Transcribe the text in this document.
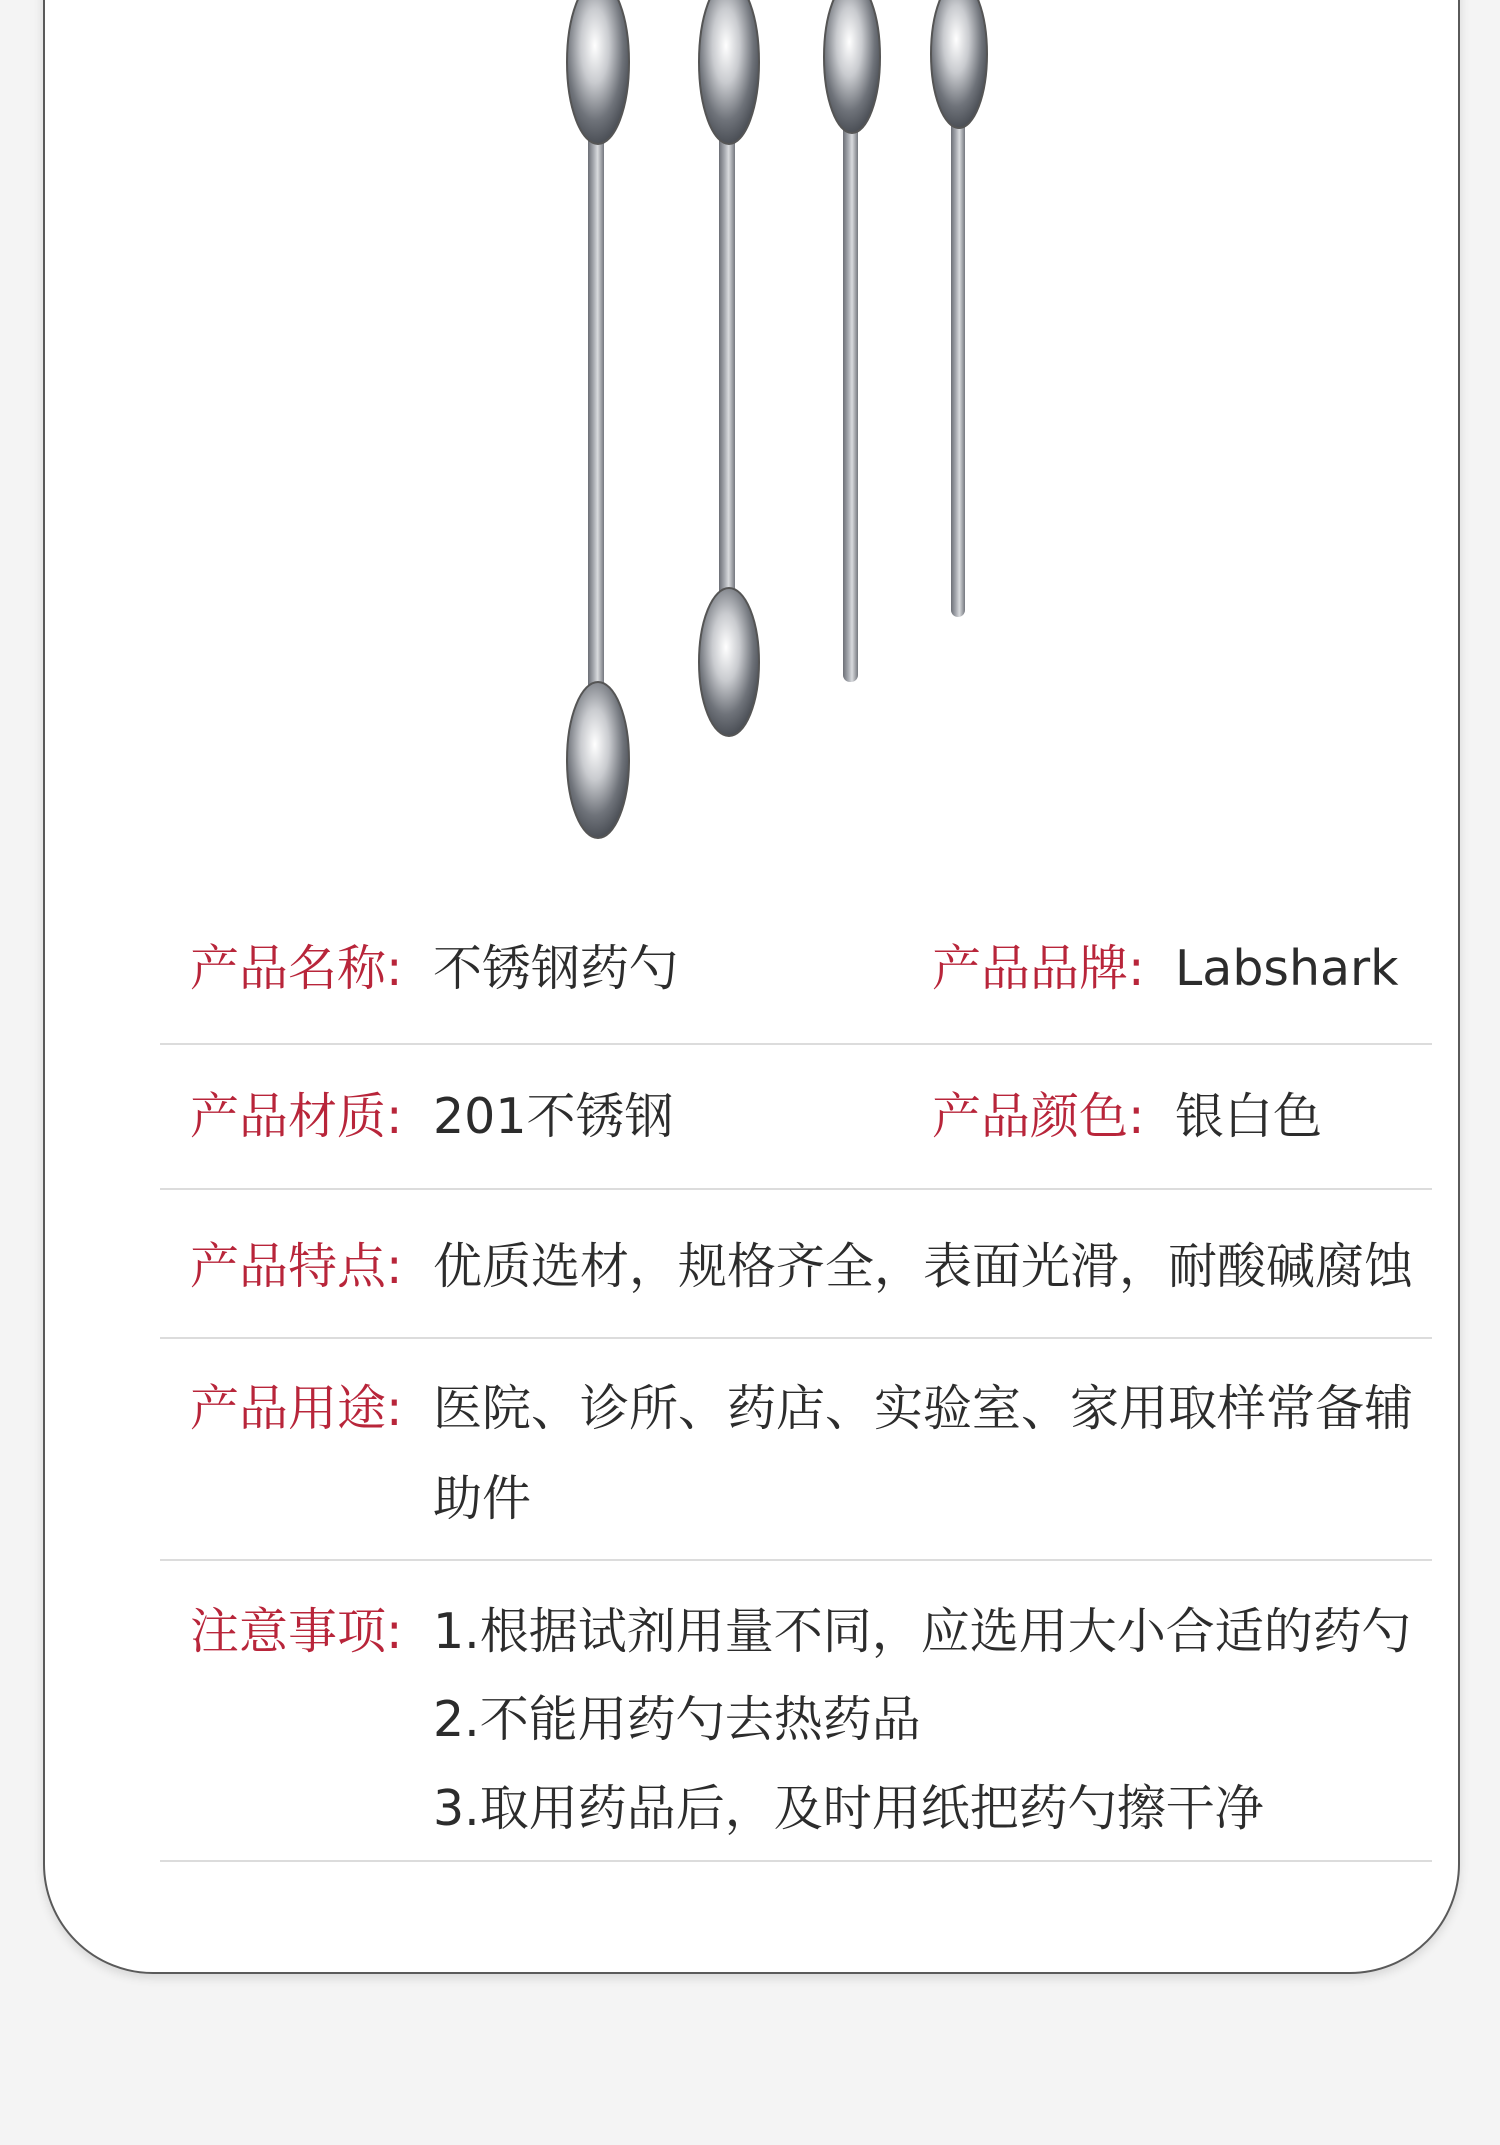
产品名称: 不锈钢药勺	产品品牌: Labshark
产品材质: 201不锈钢	产品颜色: 银白色
产品特点: 优质选材，规格齐全，表面光滑，耐酸碱腐蚀
产品用途: 医院、诊所、药店、实验室、家用取样常备辅
助件
注意事项: 1.根据试剂用量不同，应选用大小合适的药勺
2.不能用药勺去热药品
3.取用药品后，及时用纸把药勺擦干净
